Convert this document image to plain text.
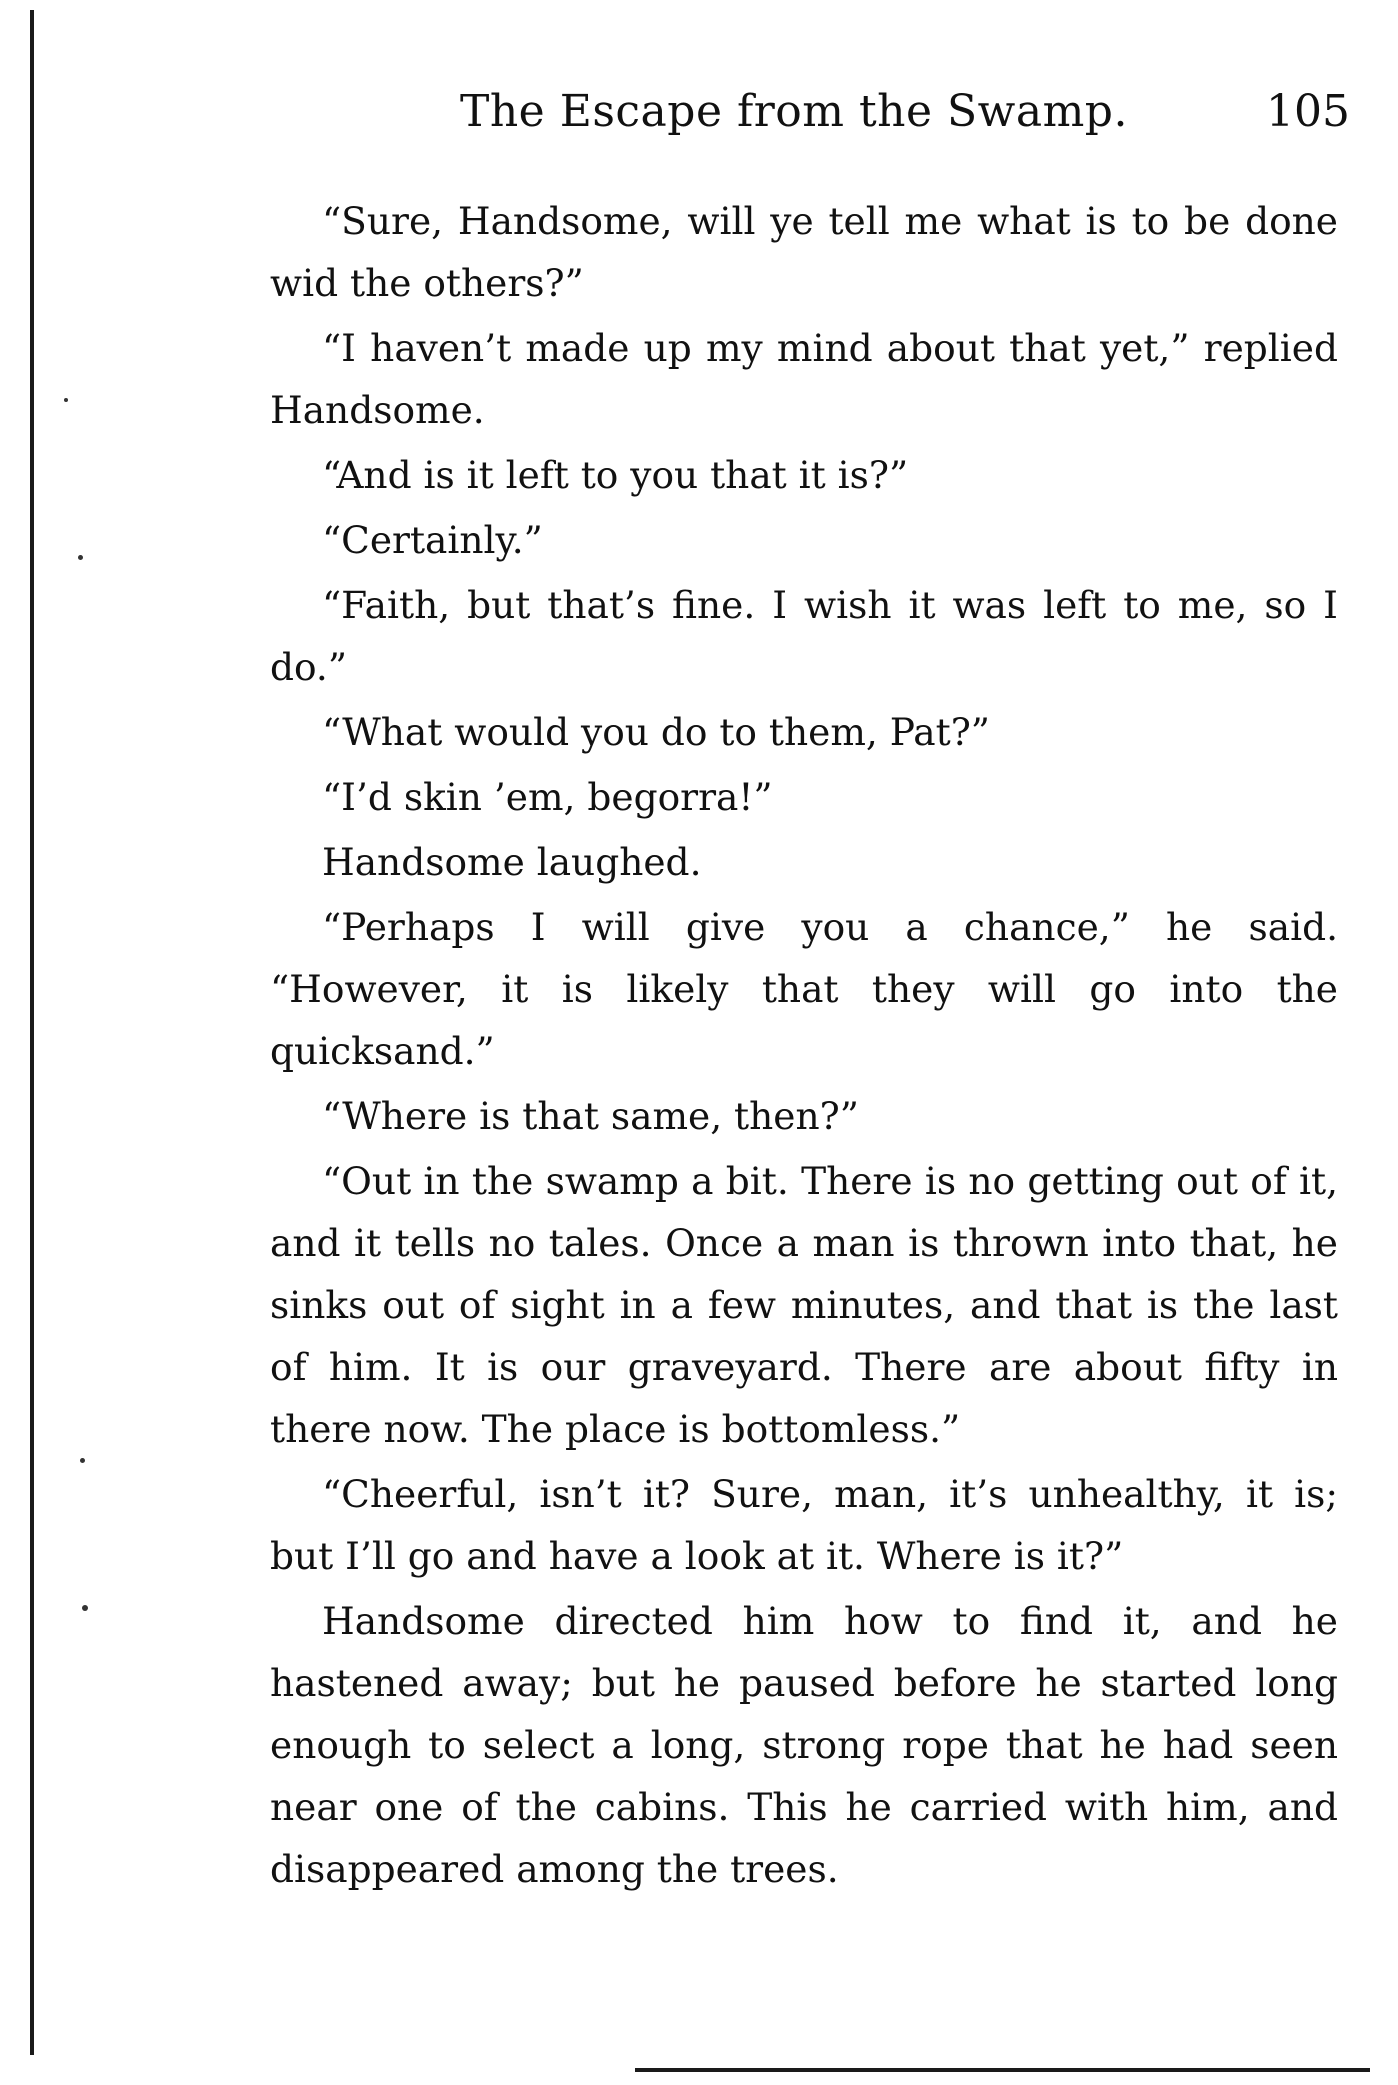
The Escape from the Swamp.	105

“Sure, Handsome, will ye tell me what is to be done wid the others?”

“I haven’t made up my mind about that yet,” replied Handsome.

“And is it left to you that it is?”

“Certainly.”

“Faith, but that’s fine. I wish it was left to me, so I do.”

“What would you do to them, Pat?”

“I’d skin ’em, begorra!”

Handsome laughed.

“Perhaps I will give you a chance,” he said. “However, it is likely that they will go into the quicksand.”

“Where is that same, then?”

“Out in the swamp a bit. There is no getting out of it, and it tells no tales. Once a man is thrown into that, he sinks out of sight in a few minutes, and that is the last of him. It is our graveyard. There are about fifty in there now. The place is bottomless.”

“Cheerful, isn’t it? Sure, man, it’s unhealthy, it is; but I’ll go and have a look at it. Where is it?”

Handsome directed him how to find it, and he hastened away; but he paused before he started long enough to select a long, strong rope that he had seen near one of the cabins. This he carried with him, and disappeared among the trees.
